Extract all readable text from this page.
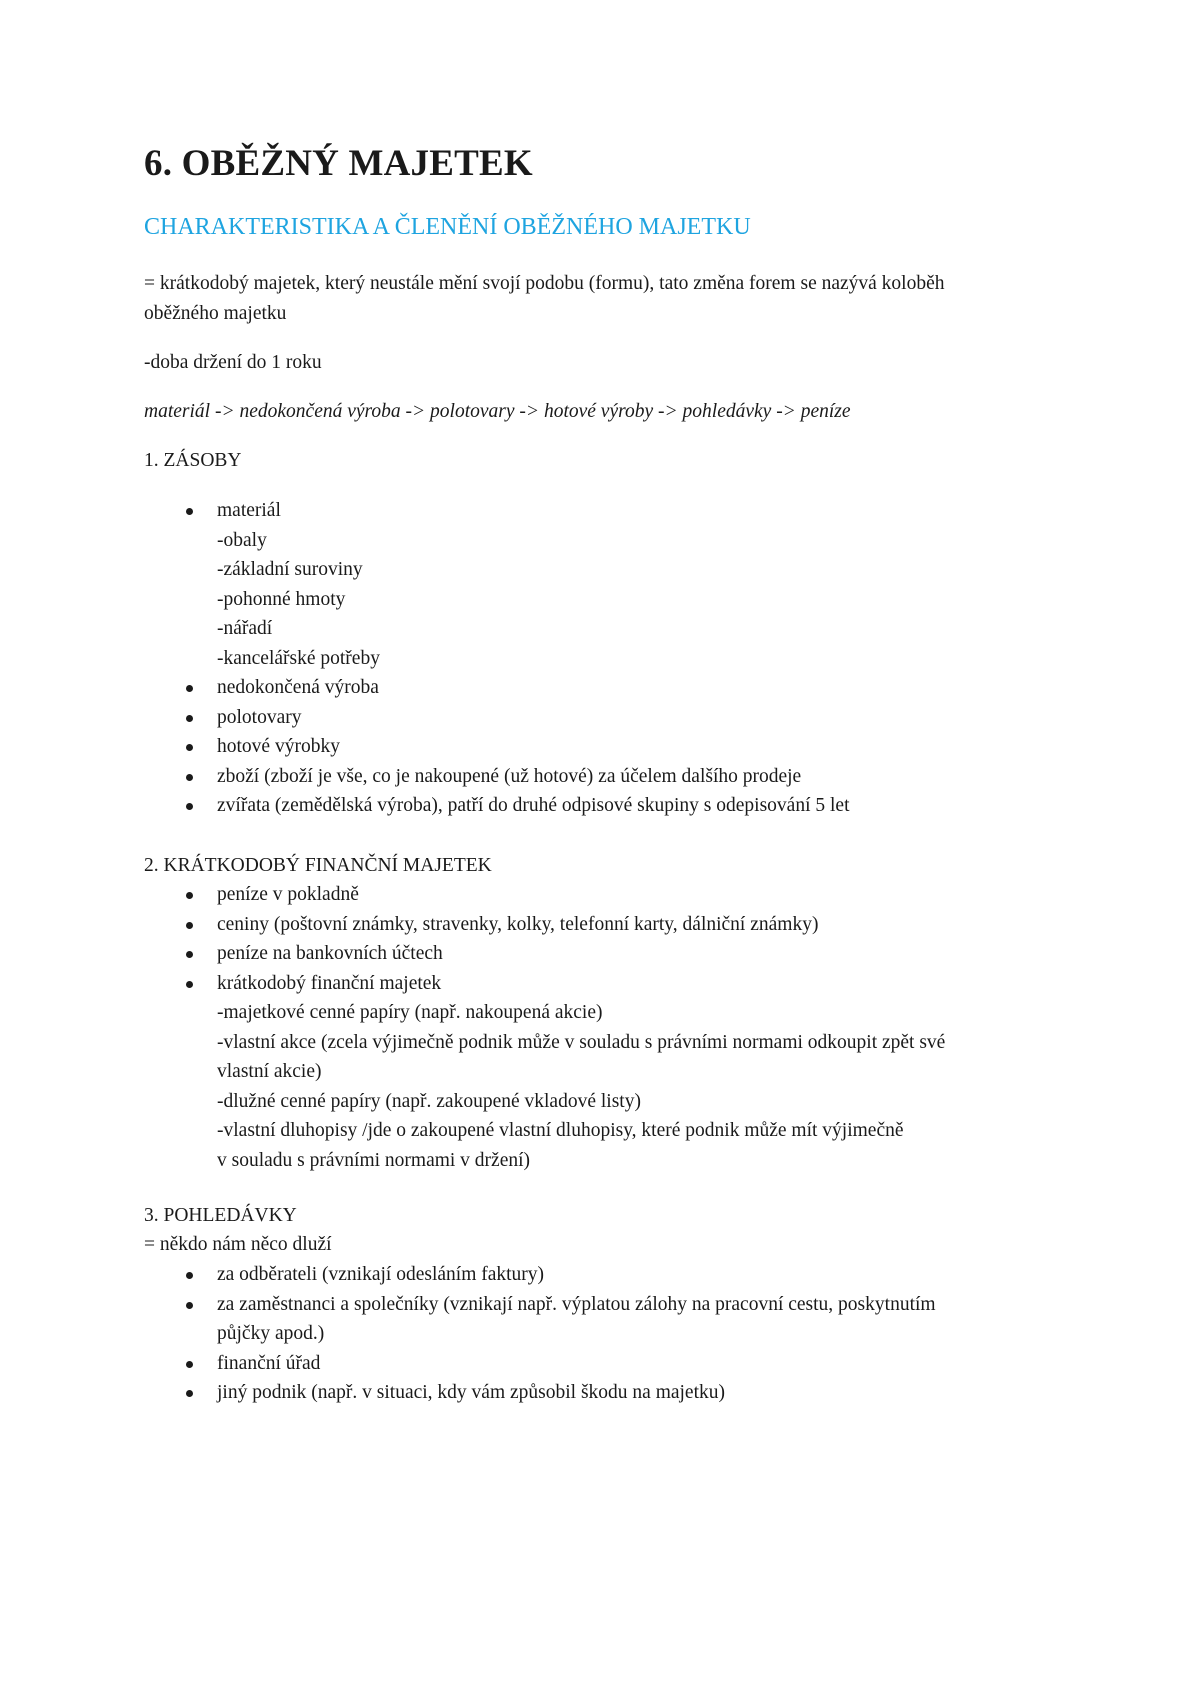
6. OBĚŽNÝ MAJETEK
CHARAKTERISTIKA A ČLENĚNÍ OBĚŽNÉHO MAJETKU

= krátkodobý majetek, který neustále mění svojí podobu (formu), tato změna forem se nazývá koloběh
oběžného majetku

-doba držení do 1 roku

materiál -> nedokončená výroba -> polotovary -> hotové výroby -> pohledávky -> peníze

1. ZÁSOBY

materiál
-obaly
-základní suroviny
-pohonné hmoty
-nářadí
-kancelářské potřeby
nedokončená výroba
polotovary
hotové výrobky
zboží (zboží je vše, co je nakoupené (už hotové) za účelem dalšího prodeje
zvířata (zemědělská výroba), patří do druhé odpisové skupiny s odepisování 5 let

2. KRÁTKODOBÝ FINANČNÍ MAJETEK

peníze v pokladně
ceniny (poštovní známky, stravenky, kolky, telefonní karty, dálniční známky)
peníze na bankovních účtech
krátkodobý finanční majetek
-majetkové cenné papíry (např. nakoupená akcie)
-vlastní akce (zcela výjimečně podnik může v souladu s právními normami odkoupit zpět své
vlastní akcie)
-dlužné cenné papíry (např. zakoupené vkladové listy)
-vlastní dluhopisy /jde o zakoupené vlastní dluhopisy, které podnik může mít výjimečně
v souladu s právními normami v držení)

3. POHLEDÁVKY

= někdo nám něco dluží

za odběrateli (vznikají odesláním faktury)
za zaměstnanci a společníky (vznikají např. výplatou zálohy na pracovní cestu, poskytnutím
půjčky apod.)
finanční úřad
jiný podnik (např. v situaci, kdy vám způsobil škodu na majetku)
